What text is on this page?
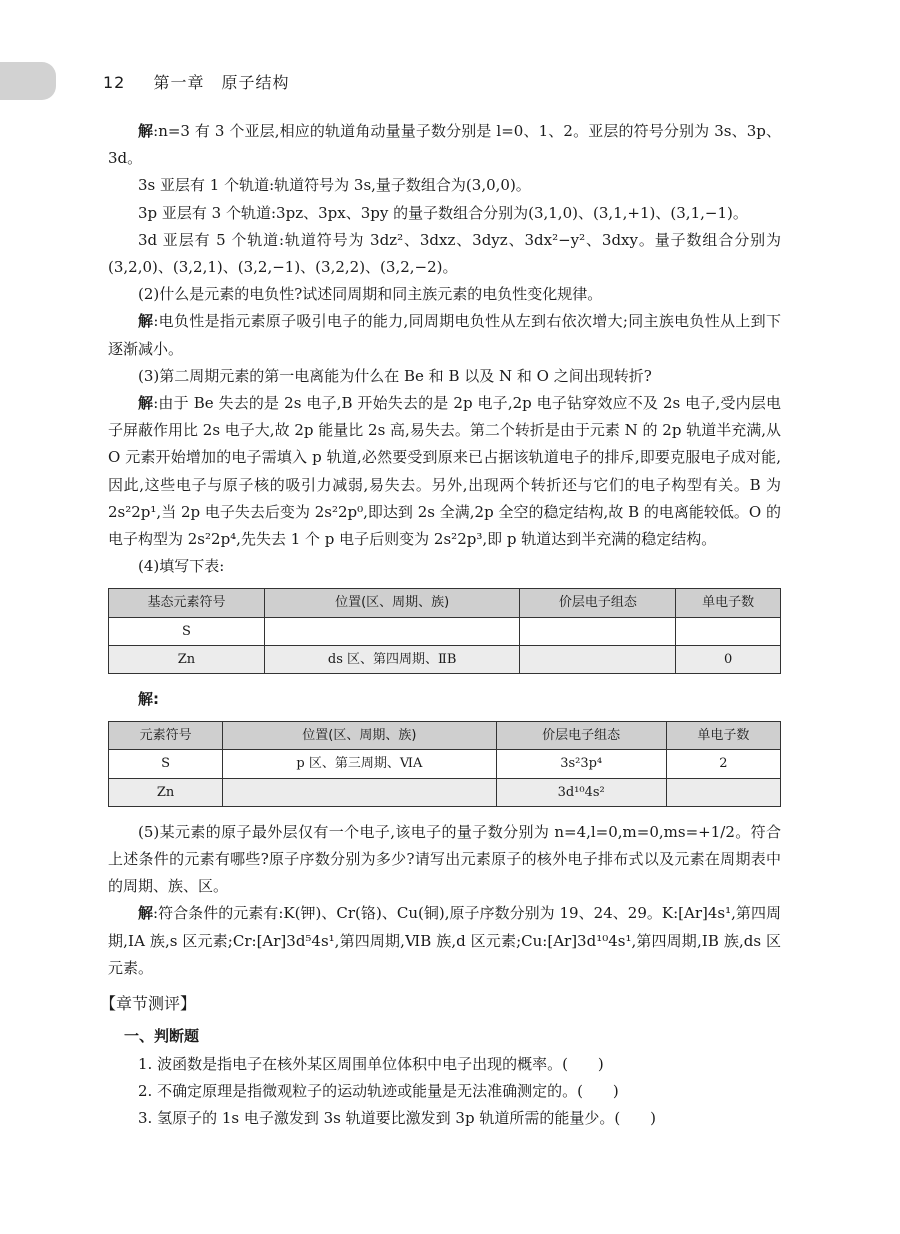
12 第一章　原子结构

解:n=3 有 3 个亚层,相应的轨道角动量量子数分别是 l=0、1、2。亚层的符号分别为 3s、3p、3d。

3s 亚层有 1 个轨道:轨道符号为 3s,量子数组合为(3,0,0)。

3p 亚层有 3 个轨道:3pz、3px、3py 的量子数组合分别为(3,1,0)、(3,1,+1)、(3,1,−1)。

3d 亚层有 5 个轨道:轨道符号为 3dz²、3dxz、3dyz、3dx²−y²、3dxy。量子数组合分别为(3,2,0)、(3,2,1)、(3,2,−1)、(3,2,2)、(3,2,−2)。

(2)什么是元素的电负性?试述同周期和同主族元素的电负性变化规律。

解:电负性是指元素原子吸引电子的能力,同周期电负性从左到右依次增大;同主族电负性从上到下逐渐减小。

(3)第二周期元素的第一电离能为什么在 Be 和 B 以及 N 和 O 之间出现转折?

解:由于 Be 失去的是 2s 电子,B 开始失去的是 2p 电子,2p 电子钻穿效应不及 2s 电子,受内层电子屏蔽作用比 2s 电子大,故 2p 能量比 2s 高,易失去。第二个转折是由于元素 N 的 2p 轨道半充满,从 O 元素开始增加的电子需填入 p 轨道,必然要受到原来已占据该轨道电子的排斥,即要克服电子成对能,因此,这些电子与原子核的吸引力减弱,易失去。另外,出现两个转折还与它们的电子构型有关。B 为 2s²2p¹,当 2p 电子失去后变为 2s²2p⁰,即达到 2s 全满,2p 全空的稳定结构,故 B 的电离能较低。O 的电子构型为 2s²2p⁴,先失去 1 个 p 电子后则变为 2s²2p³,即 p 轨道达到半充满的稳定结构。

(4)填写下表:

基态元素符号	位置(区、周期、族)	价层电子组态	单电子数
S			
Zn	ds 区、第四周期、ⅡB		0

解:

元素符号	位置(区、周期、族)	价层电子组态	单电子数
S	p 区、第三周期、ⅥA	3s²3p⁴	2
Zn		3d¹⁰4s²	

(5)某元素的原子最外层仅有一个电子,该电子的量子数分别为 n=4,l=0,m=0,ms=+1/2。符合上述条件的元素有哪些?原子序数分别为多少?请写出元素原子的核外电子排布式以及元素在周期表中的周期、族、区。

解:符合条件的元素有:K(钾)、Cr(铬)、Cu(铜),原子序数分别为 19、24、29。K:[Ar]4s¹,第四周期,ⅠA 族,s 区元素;Cr:[Ar]3d⁵4s¹,第四周期,ⅥB 族,d 区元素;Cu:[Ar]3d¹⁰4s¹,第四周期,ⅠB 族,ds 区元素。

【章节测评】
一、判断题

1. 波函数是指电子在核外某区周围单位体积中电子出现的概率。(　　)

2. 不确定原理是指微观粒子的运动轨迹或能量是无法准确测定的。(　　)

3. 氢原子的 1s 电子激发到 3s 轨道要比激发到 3p 轨道所需的能量少。(　　)
